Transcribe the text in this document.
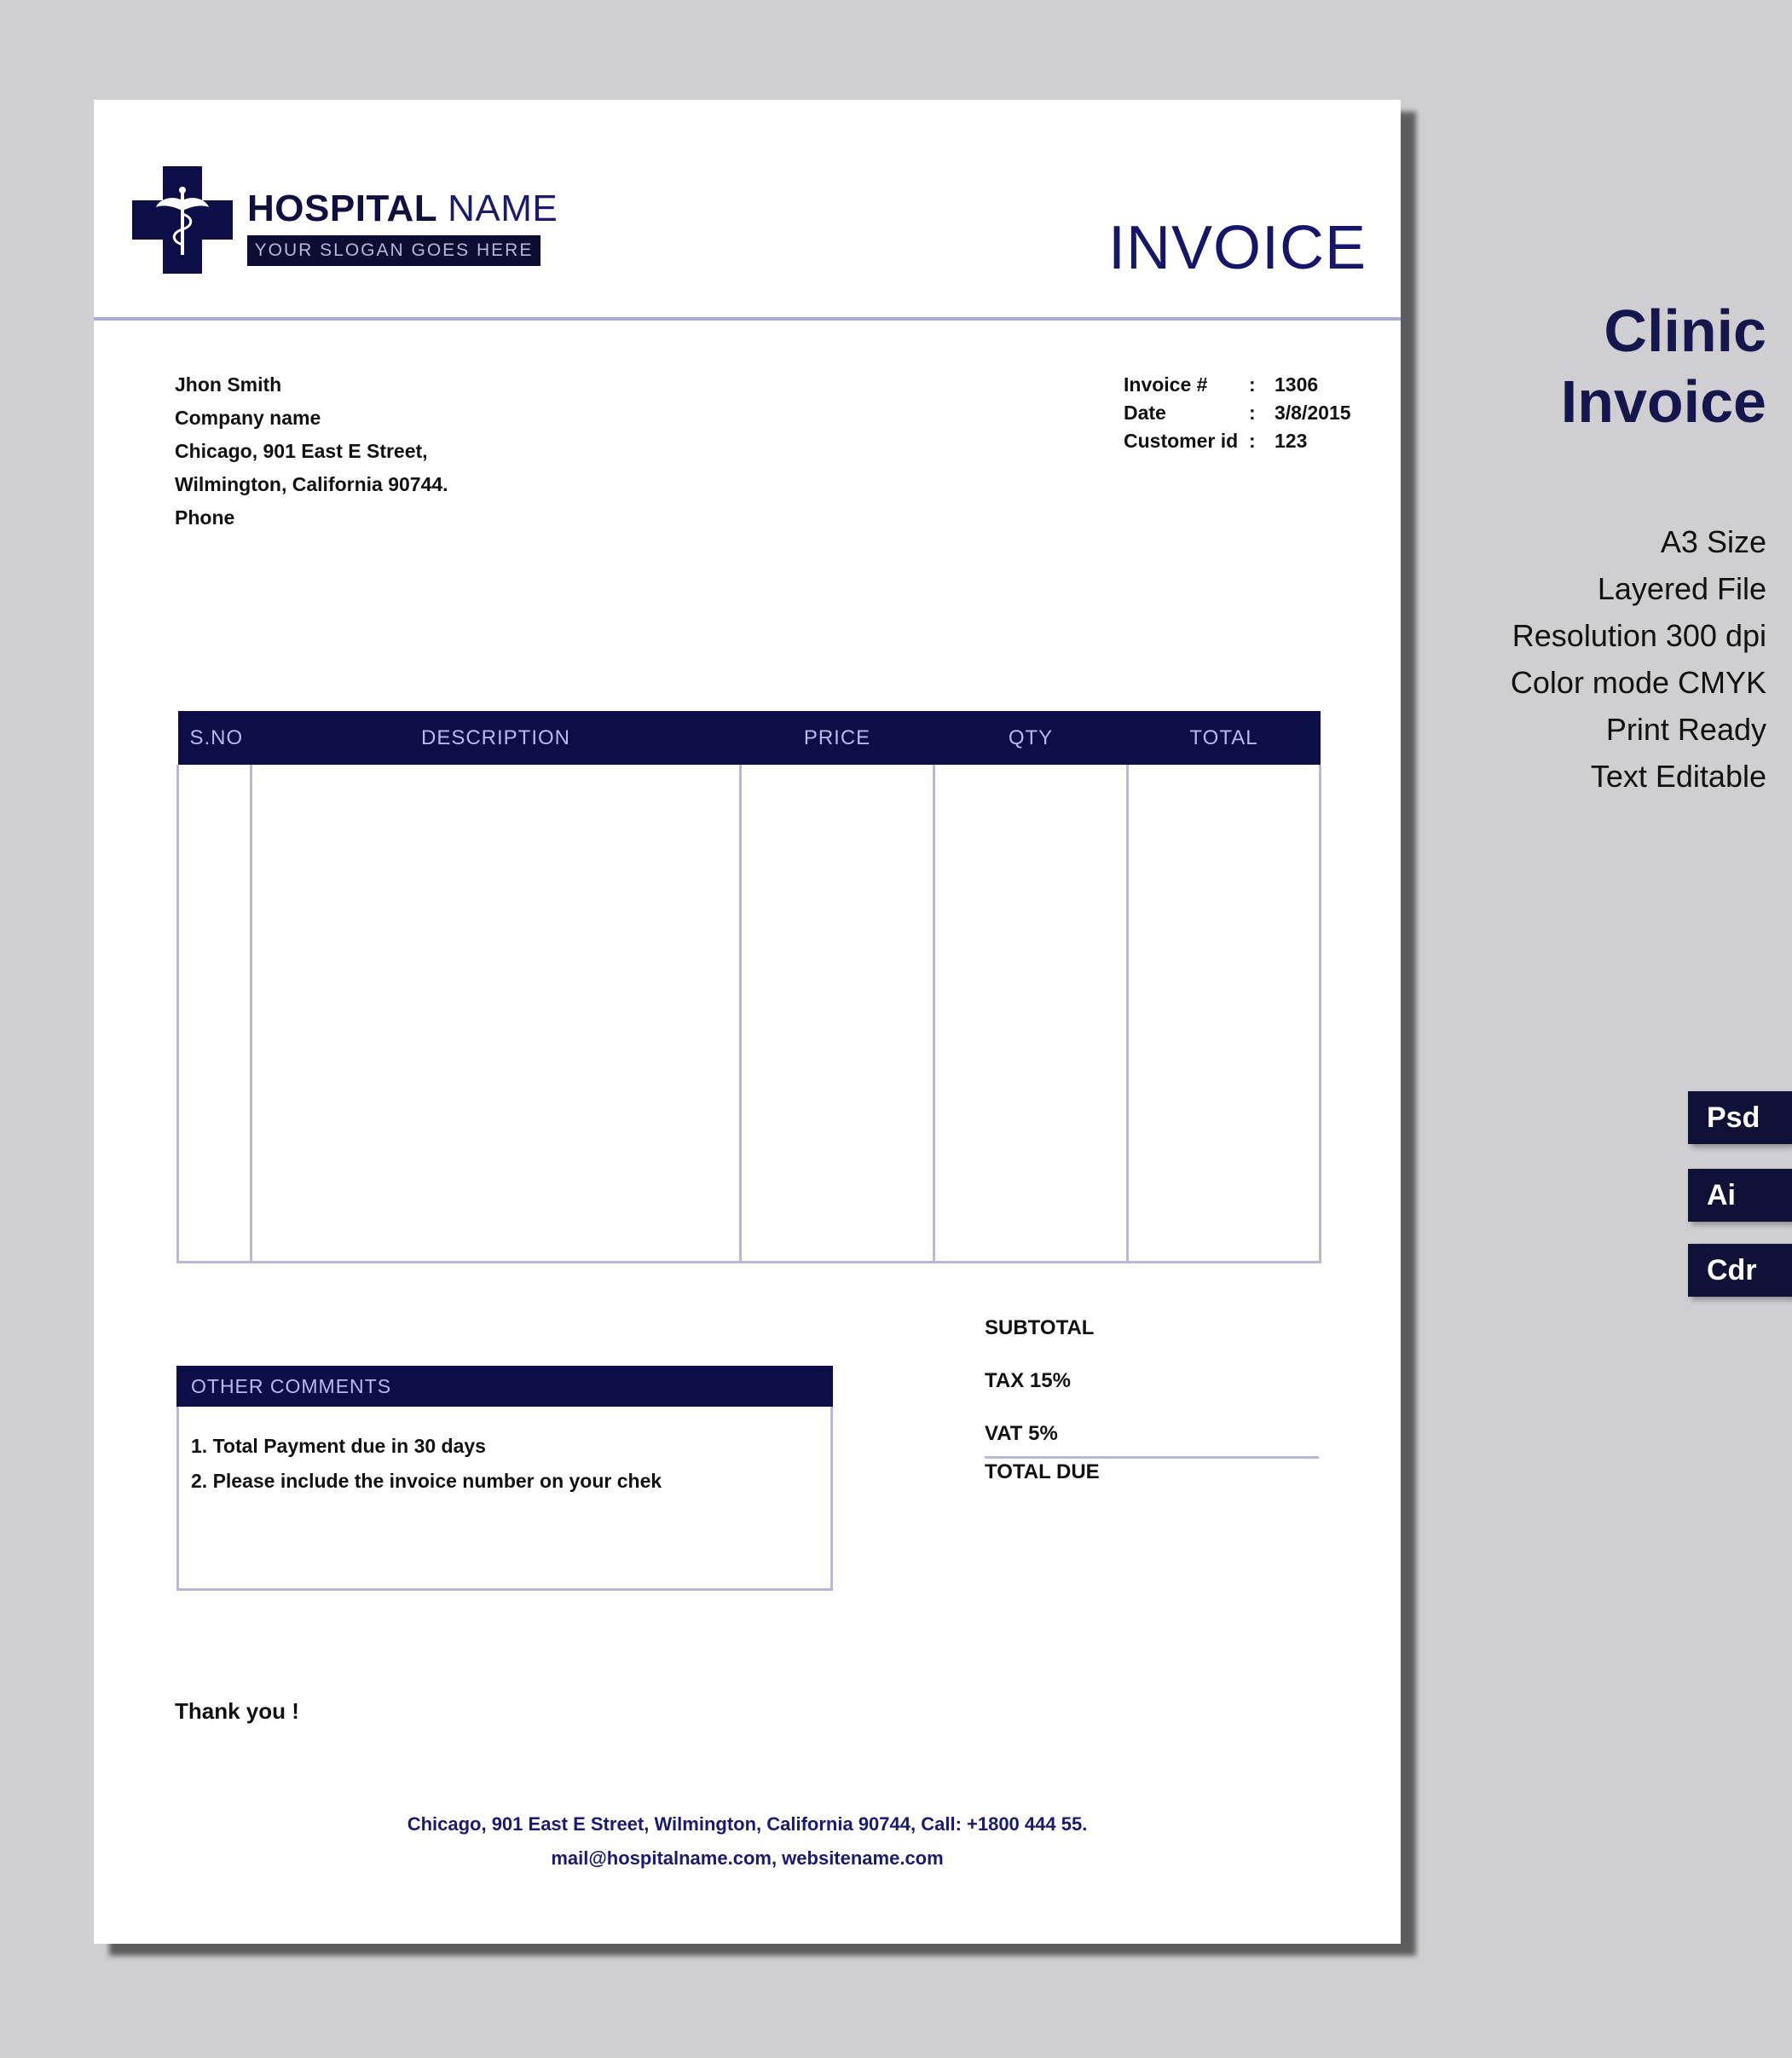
HOSPITAL NAME
YOUR SLOGAN GOES HERE	INVOICE
Jhon Smith
Company name
Chicago, 901 East E Street,
Wilmington, California 90744.
Phone
Invoice #	: 1306
Date	: 3/8/2015
Customer id : 123
S.NO	DESCRIPTION	PRICE	QTY	TOTAL

OTHER COMMENTS
1. Total Payment due in 30 days
2. Please include the invoice number on your chek
SUBTOTAL
TAX 15%
VAT 5%
TOTAL DUE
Thank you !
Chicago, 901 East E Street, Wilmington, California 90744, Call: +1800 444 55.
mail@hospitalname.com, websitename.com
Clinic
Invoice
A3 Size
Layered File
Resolution 300 dpi
Color mode CMYK
Print Ready
Text Editable
Psd
Ai
Cdr
